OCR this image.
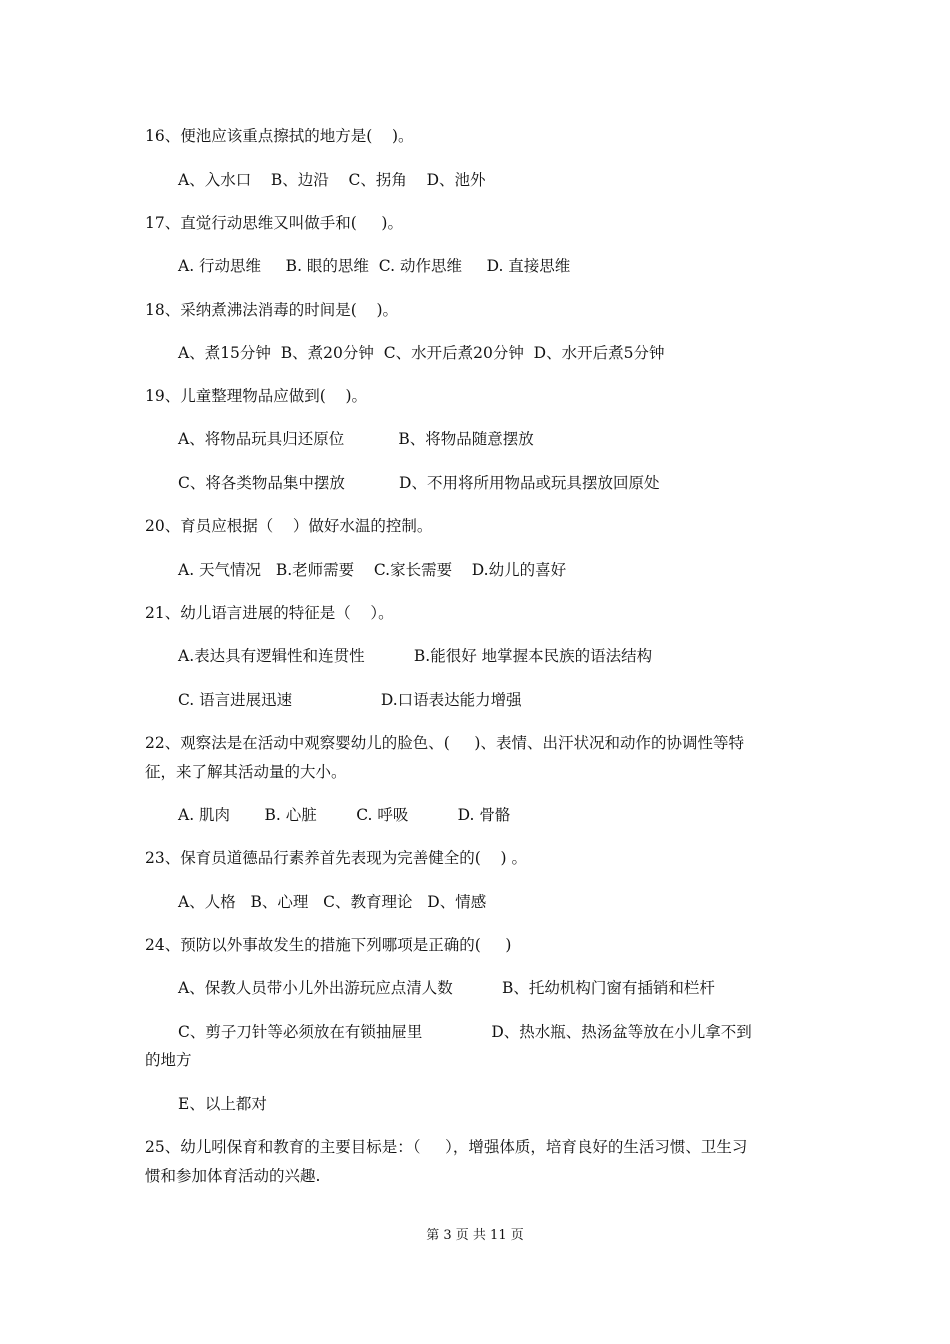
16、便池应该重点擦拭的地方是(    )。
A、入水口    B、边沿    C、拐角    D、池外
17、直觉行动思维又叫做手和(     )。
A. 行动思维     B. 眼的思维  C. 动作思维     D. 直接思维
18、采纳煮沸法消毒的时间是(    )。
A、煮15分钟  B、煮20分钟  C、水开后煮20分钟  D、水开后煮5分钟
19、儿童整理物品应做到(    )。
A、将物品玩具归还原位           B、将物品随意摆放
C、将各类物品集中摆放           D、不用将所用物品或玩具摆放回原处
20、育员应根据（    ）做好水温的控制。
A. 天气情况   B.老师需要    C.家长需要    D.幼儿的喜好
21、幼儿语言进展的特征是（    ）。
A.表达具有逻辑性和连贯性          B.能很好 地掌握本民族的语法结构
C. 语言进展迅速                  D.口语表达能力增强
22、观察法是在活动中观察婴幼儿的脸色、(     )、表情、出汗状况和动作的协调性等特
征，来了解其活动量的大小。
A. 肌肉       B. 心脏        C. 呼吸          D. 骨骼
23、保育员道德品行素养首先表现为完善健全的(    ) 。
A、人格   B、心理   C、教育理论   D、情感
24、预防以外事故发生的措施下列哪项是正确的(     )
A、保教人员带小儿外出游玩应点清人数          B、托幼机构门窗有插销和栏杆
C、剪子刀针等必须放在有锁抽屉里              D、热水瓶、热汤盆等放在小儿拿不到
的地方
E、以上都对
25、幼儿吲保育和教育的主要目标是：（     ），增强体质，培育良好的生活习惯、卫生习
惯和参加体育活动的兴趣.
第 3 页 共 11 页
